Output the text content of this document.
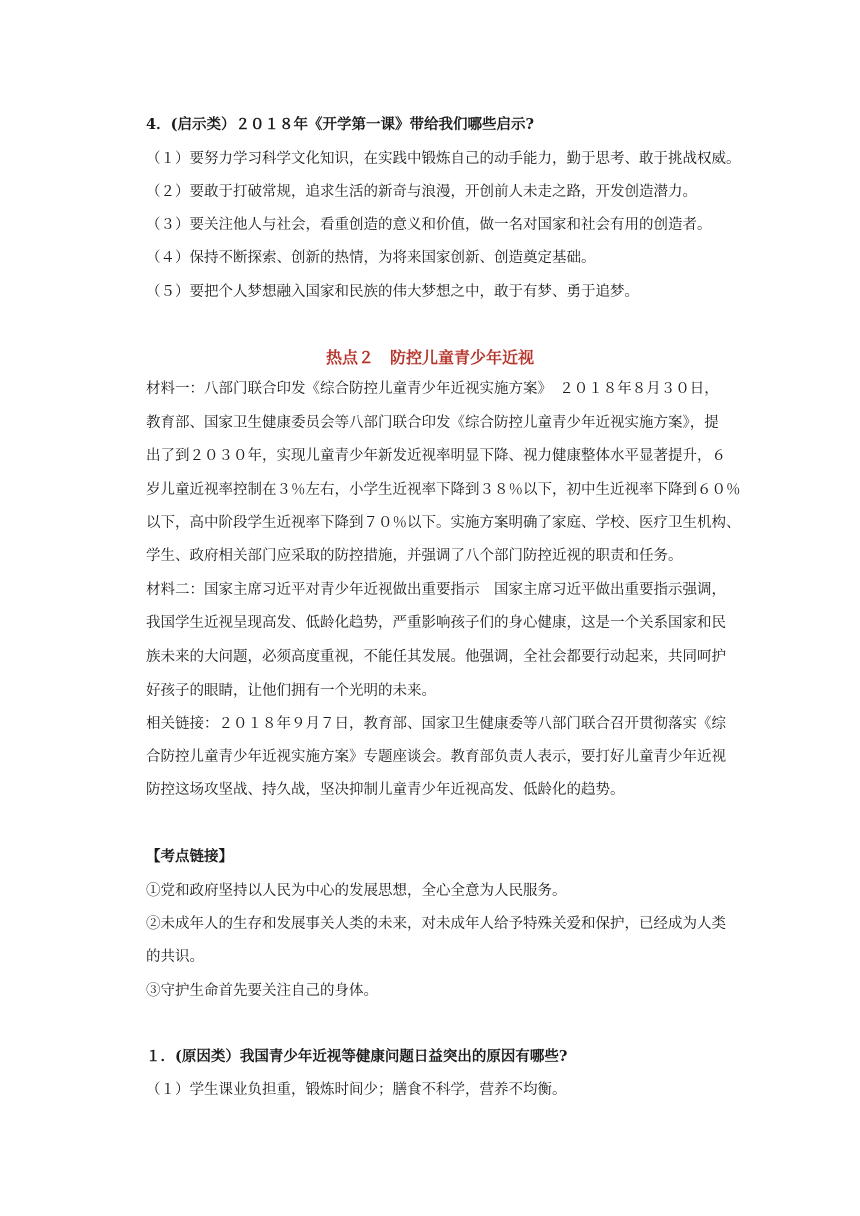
4．(启示类）２０１８年《开学第一课》带给我们哪些启示?
（１）要努力学习科学文化知识，在实践中锻炼自己的动手能力，勤于思考、敢于挑战权威。
（２）要敢于打破常规，追求生活的新奇与浪漫，开创前人未走之路，开发创造潜力。
（３）要关注他人与社会，看重创造的意义和价值，做一名对国家和社会有用的创造者。
（４）保持不断探索、创新的热情，为将来国家创新、创造奠定基础。
（５）要把个人梦想融入国家和民族的伟大梦想之中，敢于有梦、勇于追梦。
热点２　防控儿童青少年近视
材料一：八部门联合印发《综合防控儿童青少年近视实施方案》　２０１８年８月３０日，
教育部、国家卫生健康委员会等八部门联合印发《综合防控儿童青少年近视实施方案》，提
出了到２０３０年，实现儿童青少年新发近视率明显下降、视力健康整体水平显著提升，６
岁儿童近视率控制在３％左右，小学生近视率下降到３８％以下，初中生近视率下降到６０％
以下，高中阶段学生近视率下降到７０％以下。实施方案明确了家庭、学校、医疗卫生机构、
学生、政府相关部门应采取的防控措施，并强调了八个部门防控近视的职责和任务。
材料二：国家主席习近平对青少年近视做出重要指示　国家主席习近平做出重要指示强调，
我国学生近视呈现高发、低龄化趋势，严重影响孩子们的身心健康，这是一个关系国家和民
族未来的大问题，必须高度重视，不能任其发展。他强调，全社会都要行动起来，共同呵护
好孩子的眼睛，让他们拥有一个光明的未来。
相关链接：２０１８年９月７日，教育部、国家卫生健康委等八部门联合召开贯彻落实《综
合防控儿童青少年近视实施方案》专题座谈会。教育部负责人表示，要打好儿童青少年近视
防控这场攻坚战、持久战，坚决抑制儿童青少年近视高发、低龄化的趋势。
【考点链接】
①党和政府坚持以人民为中心的发展思想，全心全意为人民服务。
②未成年人的生存和发展事关人类的未来，对未成年人给予特殊关爱和保护，已经成为人类
的共识。
③守护生命首先要关注自己的身体。
１．(原因类）我国青少年近视等健康问题日益突出的原因有哪些?
（１）学生课业负担重，锻炼时间少；膳食不科学，营养不均衡。
